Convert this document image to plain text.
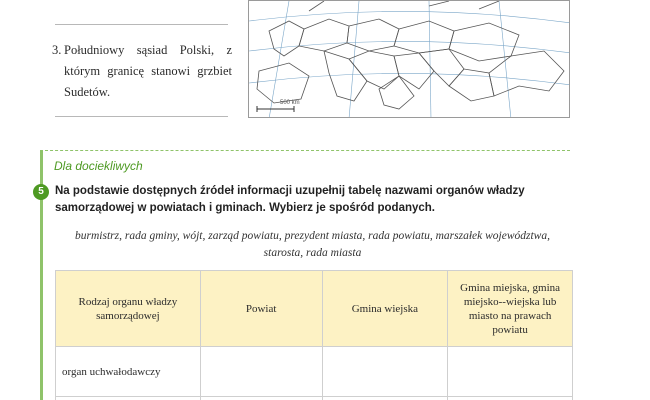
3. Południowy sąsiad Polski, z którym granicę stanowi grzbiet Sudetów.
500 km
Dla dociekliwych
5 Na podstawie dostępnych źródeł informacji uzupełnij tabelę nazwami organów władzy samorządowej w powiatach i gminach. Wybierz je spośród podanych.
burmistrz, rada gminy, wójt, zarząd powiatu, prezydent miasta, rada powiatu, marszałek województwa, starosta, rada miasta
Rodzaj organu władzy samorządowej	Powiat	Gmina wiejska	Gmina miejska, gmina miejsko--wiejska lub miasto na prawach powiatu
organ uchwałodawczy			
